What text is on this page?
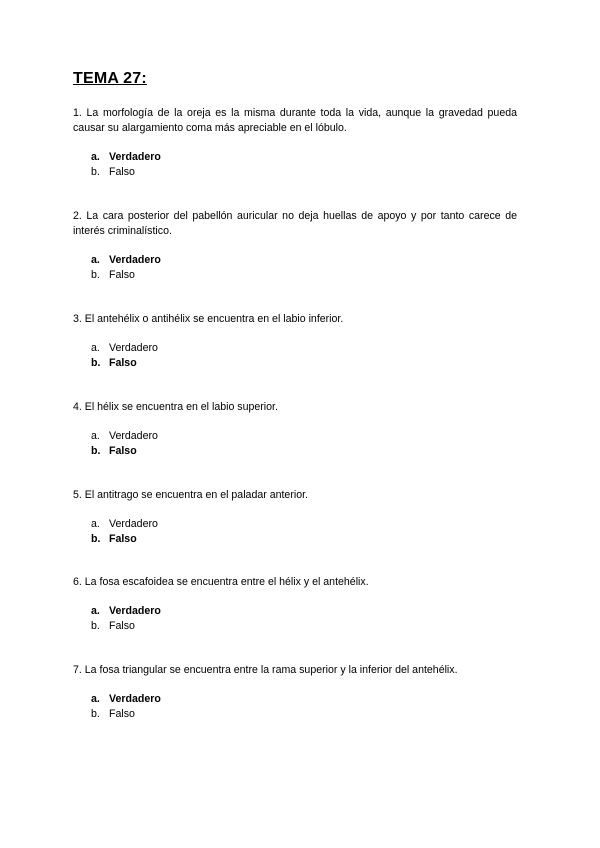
TEMA 27:

1. La morfología de la oreja es la misma durante toda la vida, aunque la gravedad pueda causar su alargamiento coma más apreciable en el lóbulo.

a. Verdadero
b. Falso

2. La cara posterior del pabellón auricular no deja huellas de apoyo y por tanto carece de interés criminalístico.

a. Verdadero
b. Falso

3. El antehélix o antihélix se encuentra en el labio inferior.

a. Verdadero
b. Falso

4. El hélix se encuentra en el labio superior.

a. Verdadero
b. Falso

5. El antitrago se encuentra en el paladar anterior.

a. Verdadero
b. Falso

6. La fosa escafoidea se encuentra entre el hélix y el antehélix.

a. Verdadero
b. Falso

7. La fosa triangular se encuentra entre la rama superior y la inferior del antehélix.

a. Verdadero
b. Falso
